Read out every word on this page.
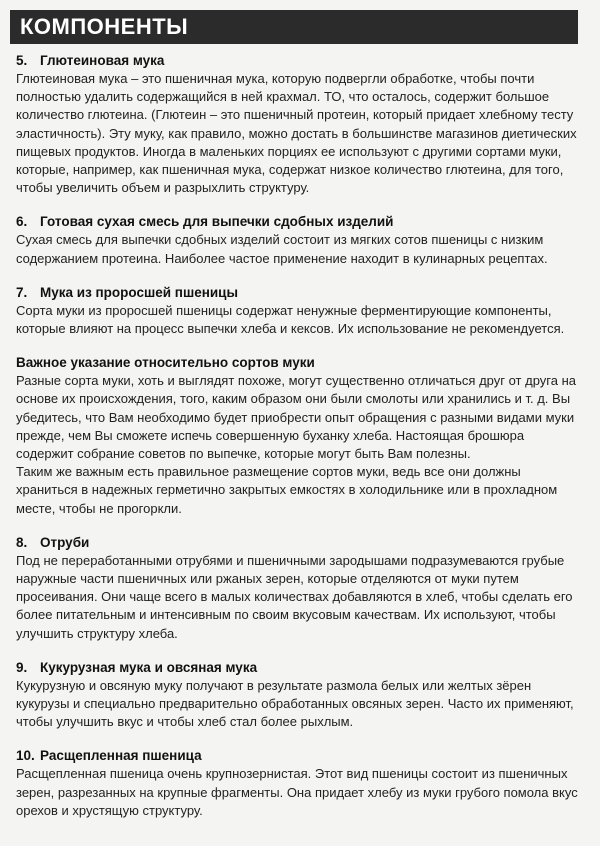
КОМПОНЕНТЫ
5. Глютеиновая мука

Глютеиновая мука – это пшеничная мука, которую подвергли обработке, чтобы почти полностью удалить содержащийся в ней крахмал. ТО, что осталось, содержит большое количество глютеина. (Глютеин – это пшеничный протеин, который придает хлебному тесту эластичность). Эту муку, как правило, можно достать в большинстве магазинов диетических пищевых продуктов. Иногда в маленьких порциях ее используют с другими сортами муки, которые, например, как пшеничная мука, содержат низкое количество глютеина, для того, чтобы увеличить объем и разрыхлить структуру.

6. Готовая сухая смесь для выпечки сдобных изделий

Сухая смесь для выпечки сдобных изделий состоит из мягких сотов пшеницы с низким содержанием протеина. Наиболее частое применение находит в кулинарных рецептах.

7. Мука из проросшей пшеницы

Сорта муки из проросшей пшеницы содержат ненужные ферментирующие компоненты, которые влияют на процесс выпечки хлеба и кексов. Их использование не рекомендуется.

Важное указание относительно сортов муки

Разные сорта муки, хоть и выглядят похоже, могут существенно отличаться друг от друга на основе их происхождения, того, каким образом они были смолоты или хранились и т. д. Вы убедитесь, что Вам необходимо будет приобрести опыт обращения с разными видами муки прежде, чем Вы сможете испечь совершенную буханку хлеба. Настоящая брошюра содержит собрание советов по выпечке, которые могут быть Вам полезны.

Таким же важным есть правильное размещение сортов муки, ведь все они должны храниться в надежных герметично закрытых емкостях в холодильнике или в прохладном месте, чтобы не прогоркли.

8. Отруби

Под не переработанными отрубями и пшеничными зародышами подразумеваются грубые наружные части пшеничных или ржаных зерен, которые отделяются от муки путем просеивания. Они чаще всего в малых количествах добавляются в хлеб, чтобы сделать его более питательным и интенсивным по своим вкусовым качествам. Их используют, чтобы улучшить структуру хлеба.

9. Кукурузная мука и овсяная мука

Кукурузную и овсяную муку получают в результате размола белых или желтых зёрен кукурузы и специально предварительно обработанных овсяных зерен. Часто их применяют, чтобы улучшить вкус и чтобы хлеб стал более рыхлым.

10. Расщепленная пшеница

Расщепленная пшеница очень крупнозернистая. Этот вид пшеницы состоит из пшеничных зерен, разрезанных на крупные фрагменты. Она придает хлебу из муки грубого помола вкус орехов и хрустящую структуру.
